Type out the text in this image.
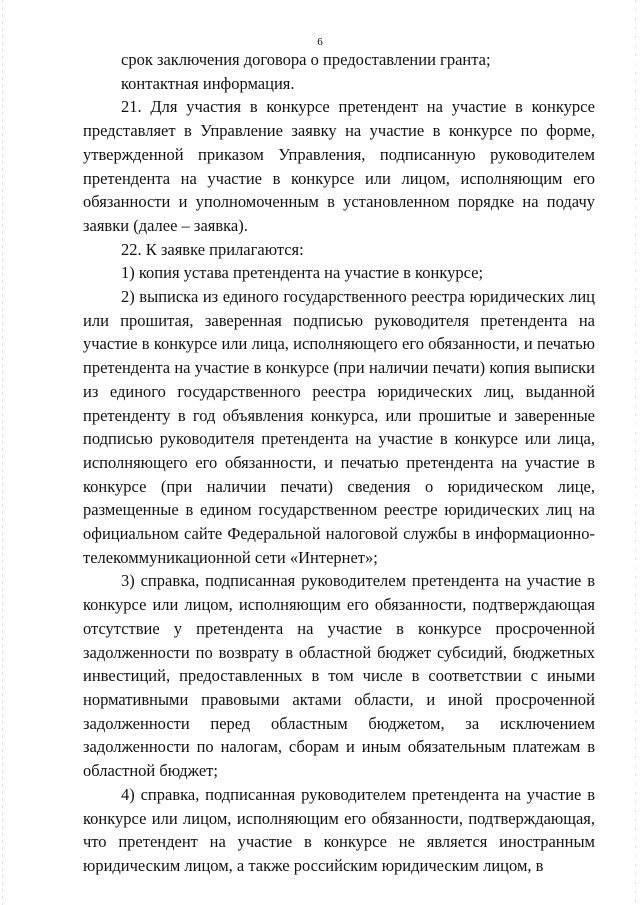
6

срок заключения договора о предоставлении гранта;

контактная информация.

21. Для участия в конкурсе претендент на участие в конкурсе представляет в Управление заявку на участие в конкурсе по форме, утвержденной приказом Управления, подписанную руководителем претендента на участие в конкурсе или лицом, исполняющим его обязанности и уполномоченным в установленном порядке на подачу заявки (далее – заявка).

22. К заявке прилагаются:

1) копия устава претендента на участие в конкурсе;

2) выписка из единого государственного реестра юридических лиц или прошитая, заверенная подписью руководителя претендента на участие в конкурсе или лица, исполняющего его обязанности, и печатью претендента на участие в конкурсе (при наличии печати) копия выписки из единого государственного реестра юридических лиц, выданной претенденту в год объявления конкурса, или прошитые и заверенные подписью руководителя претендента на участие в конкурсе или лица, исполняющего его обязанности, и печатью претендента на участие в конкурсе (при наличии печати) сведения о юридическом лице, размещенные в едином государственном реестре юридических лиц на официальном сайте Федеральной налоговой службы в информационно-телекоммуникационной сети «Интернет»;

3) справка, подписанная руководителем претендента на участие в конкурсе или лицом, исполняющим его обязанности, подтверждающая отсутствие у претендента на участие в конкурсе просроченной задолженности по возврату в областной бюджет субсидий, бюджетных инвестиций, предоставленных в том числе в соответствии с иными нормативными правовыми актами области, и иной просроченной задолженности перед областным бюджетом, за исключением задолженности по налогам, сборам и иным обязательным платежам в областной бюджет;

4) справка, подписанная руководителем претендента на участие в конкурсе или лицом, исполняющим его обязанности, подтверждающая, что претендент на участие в конкурсе не является иностранным юридическим лицом, а также российским юридическим лицом, в
